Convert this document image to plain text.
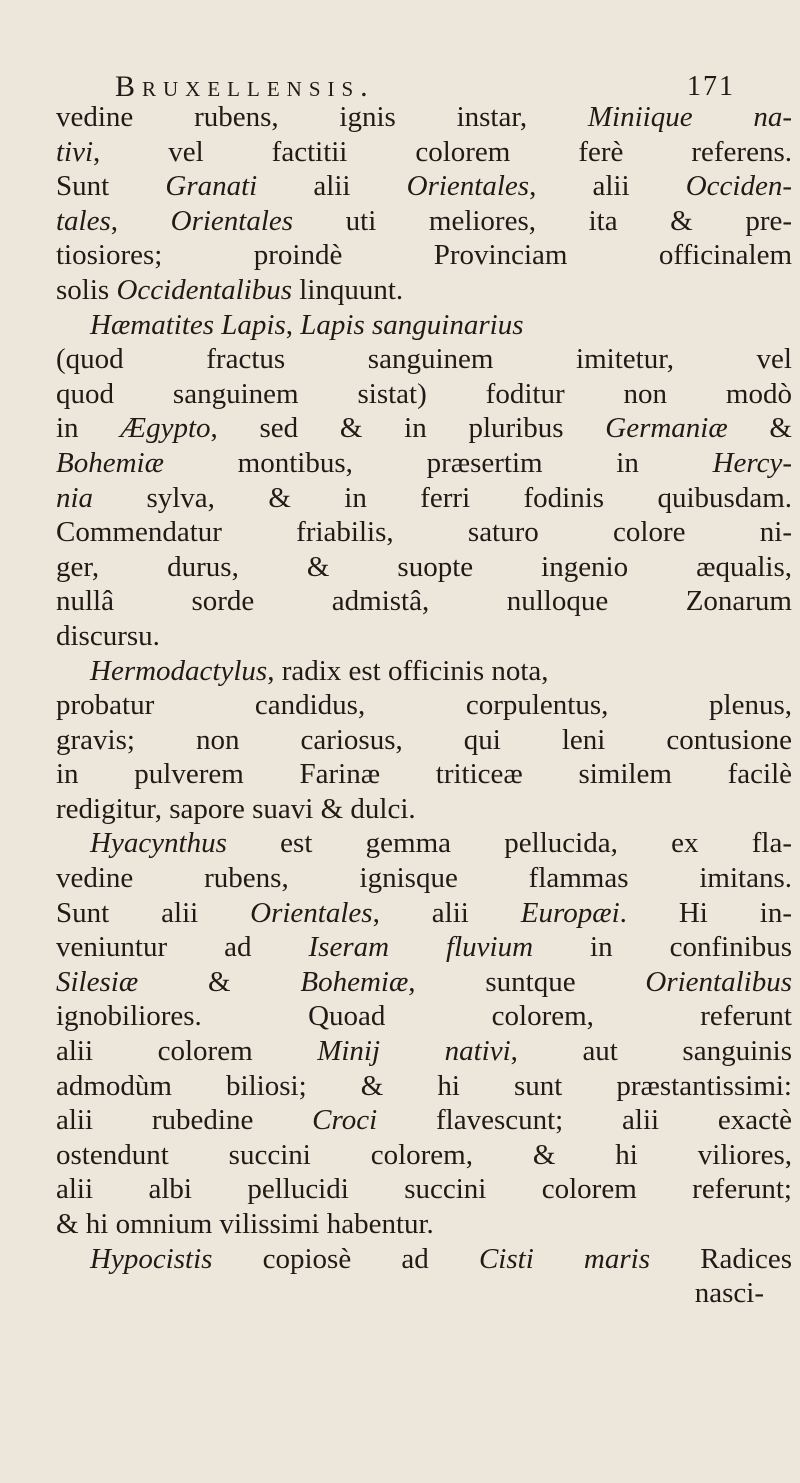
Bruxellensis.	171
vedine rubens, ignis instar, Miniique na-
tivi, vel factitii colorem ferè referens.
Sunt Granati alii Orientales, alii Occiden-
tales, Orientales uti meliores, ita & pre-
tiosiores; proindè Provinciam officinalem
solis Occidentalibus linquunt.
Hæmatites Lapis, Lapis sanguinarius
(quod fractus sanguinem imitetur, vel
quod sanguinem sistat) foditur non modò
in Ægypto, sed & in pluribus Germaniæ &
Bohemiæ montibus, præsertim in Hercy-
nia sylva, & in ferri fodinis quibusdam.
Commendatur friabilis, saturo colore ni-
ger, durus, & suopte ingenio æqualis,
nullâ sorde admistâ, nulloque Zonarum
discursu.
Hermodactylus, radix est officinis nota,
probatur candidus, corpulentus, plenus,
gravis; non cariosus, qui leni contusione
in pulverem Farinæ triticeæ similem facilè
redigitur, sapore suavi & dulci.
Hyacynthus est gemma pellucida, ex fla-
vedine rubens, ignisque flammas imitans.
Sunt alii Orientales, alii Europæi. Hi in-
veniuntur ad Iseram fluvium in confinibus
Silesiæ & Bohemiæ, suntque Orientalibus
ignobiliores. Quoad colorem, referunt
alii colorem Minij nativi, aut sanguinis
admodùm biliosi; & hi sunt præstantissimi:
alii rubedine Croci flavescunt; alii exactè
ostendunt succini colorem, & hi viliores,
alii albi pellucidi succini colorem referunt;
& hi omnium vilissimi habentur.
Hypocistis copiosè ad Cisti maris Radices
nasci-
